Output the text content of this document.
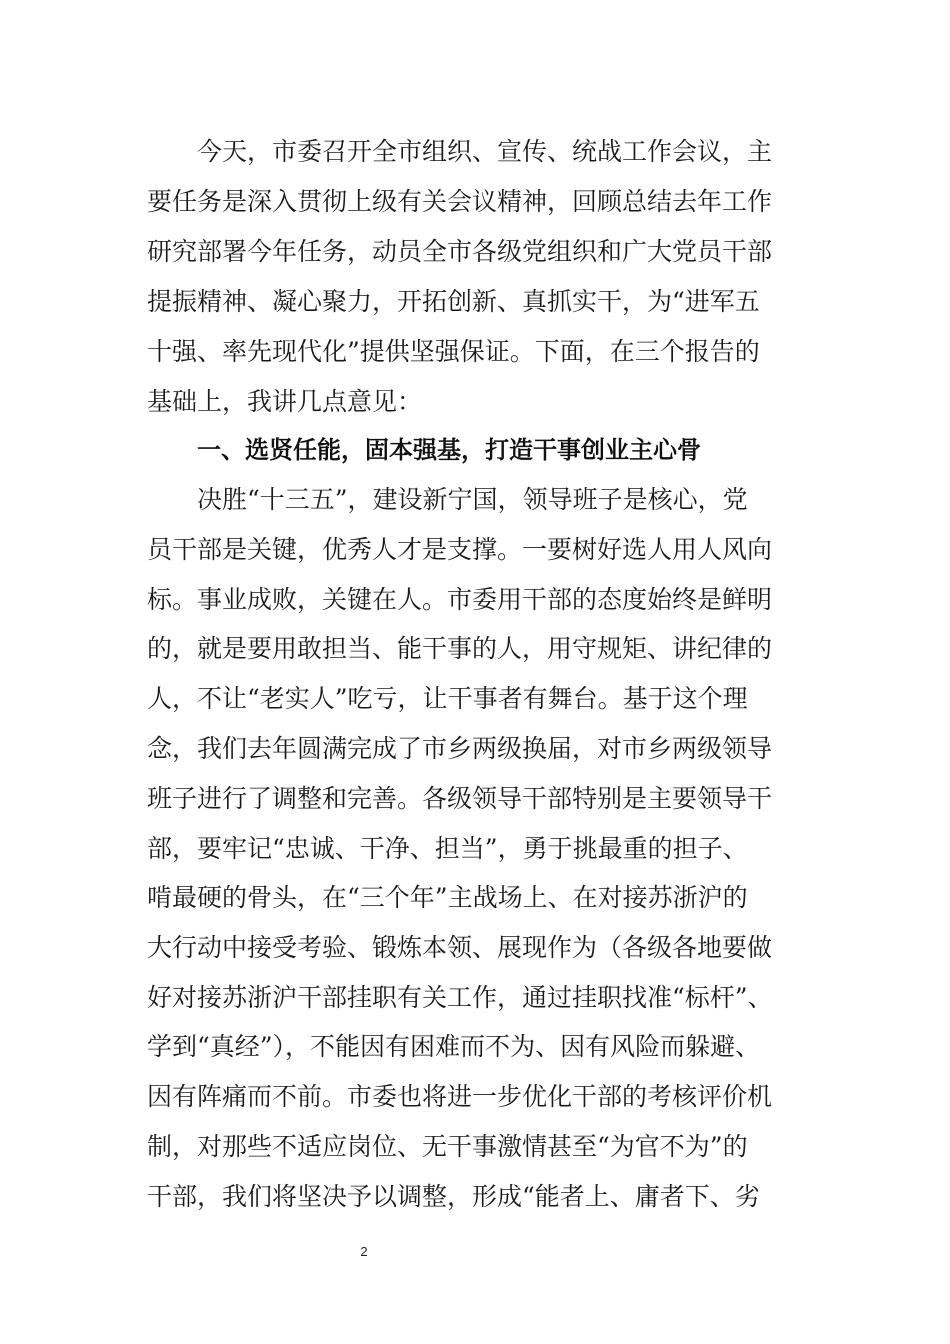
今天，市委召开全市组织、宣传、统战工作会议，主
要任务是深入贯彻上级有关会议精神，回顾总结去年工作
研究部署今年任务，动员全市各级党组织和广大党员干部
提振精神、凝心聚力，开拓创新、真抓实干，为“进军五
十强、率先现代化”提供坚强保证。下面，在三个报告的
基础上，我讲几点意见：
一、选贤任能，固本强基，打造干事创业主心骨
决胜“十三五”，建设新宁国，领导班子是核心，党
员干部是关键，优秀人才是支撑。一要树好选人用人风向
标。事业成败，关键在人。市委用干部的态度始终是鲜明
的，就是要用敢担当、能干事的人，用守规矩、讲纪律的
人，不让“老实人”吃亏，让干事者有舞台。基于这个理
念，我们去年圆满完成了市乡两级换届，对市乡两级领导
班子进行了调整和完善。各级领导干部特别是主要领导干
部，要牢记“忠诚、干净、担当”，勇于挑最重的担子、
啃最硬的骨头，在“三个年”主战场上、在对接苏浙沪的
大行动中接受考验、锻炼本领、展现作为（各级各地要做
好对接苏浙沪干部挂职有关工作，通过挂职找准“标杆”、
学到“真经”），不能因有困难而不为、因有风险而躲避、
因有阵痛而不前。市委也将进一步优化干部的考核评价机
制，对那些不适应岗位、无干事激情甚至“为官不为”的
干部，我们将坚决予以调整，形成“能者上、庸者下、劣
2
